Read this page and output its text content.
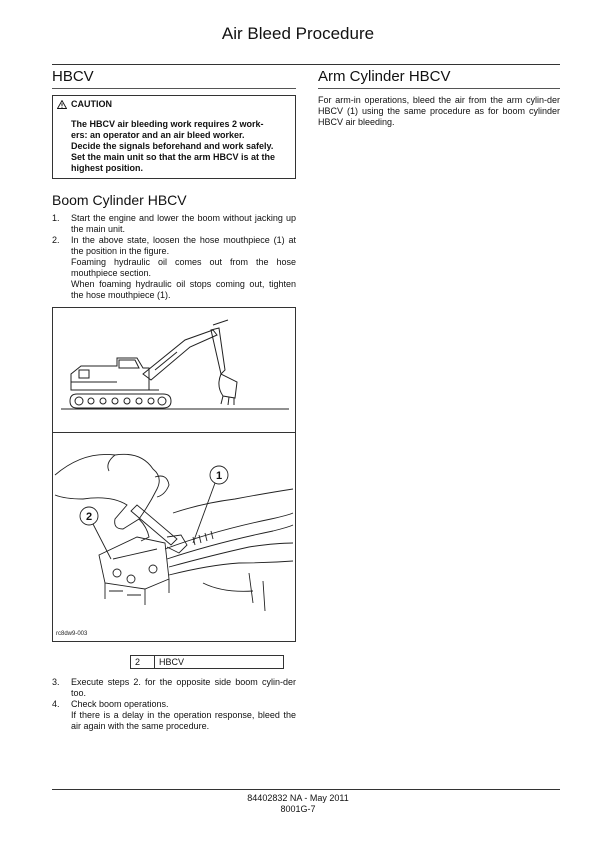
Air Bleed Procedure
HBCV
CAUTION
The HBCV air bleeding work requires 2 work-
ers: an operator and an air bleed worker.
Decide the signals beforehand and work safely.
Set the main unit so that the arm HBCV is at the
highest position.
Boom Cylinder HBCV
1.	Start the engine and lower the boom without jacking up the main unit.

2.	In the above state, loosen the hose mouthpiece (1) at the position in the figure.

Foaming hydraulic oil comes out from the hose mouthpiece section.

When foaming hydraulic oil stops coming out, tighten the hose mouthpiece (1).

1
2
rc8dw9-003
2	HBCV
3.	Execute steps 2. for the opposite side boom cylin-der too.

4.	Check boom operations.

If there is a delay in the operation response, bleed the air again with the same procedure.

Arm Cylinder HBCV

For arm-in operations, bleed the air from the arm cylin-der HBCV (1) using the same procedure as for boom cylinder HBCV air bleeding.

84402832 NA - May 2011
8001G-7
